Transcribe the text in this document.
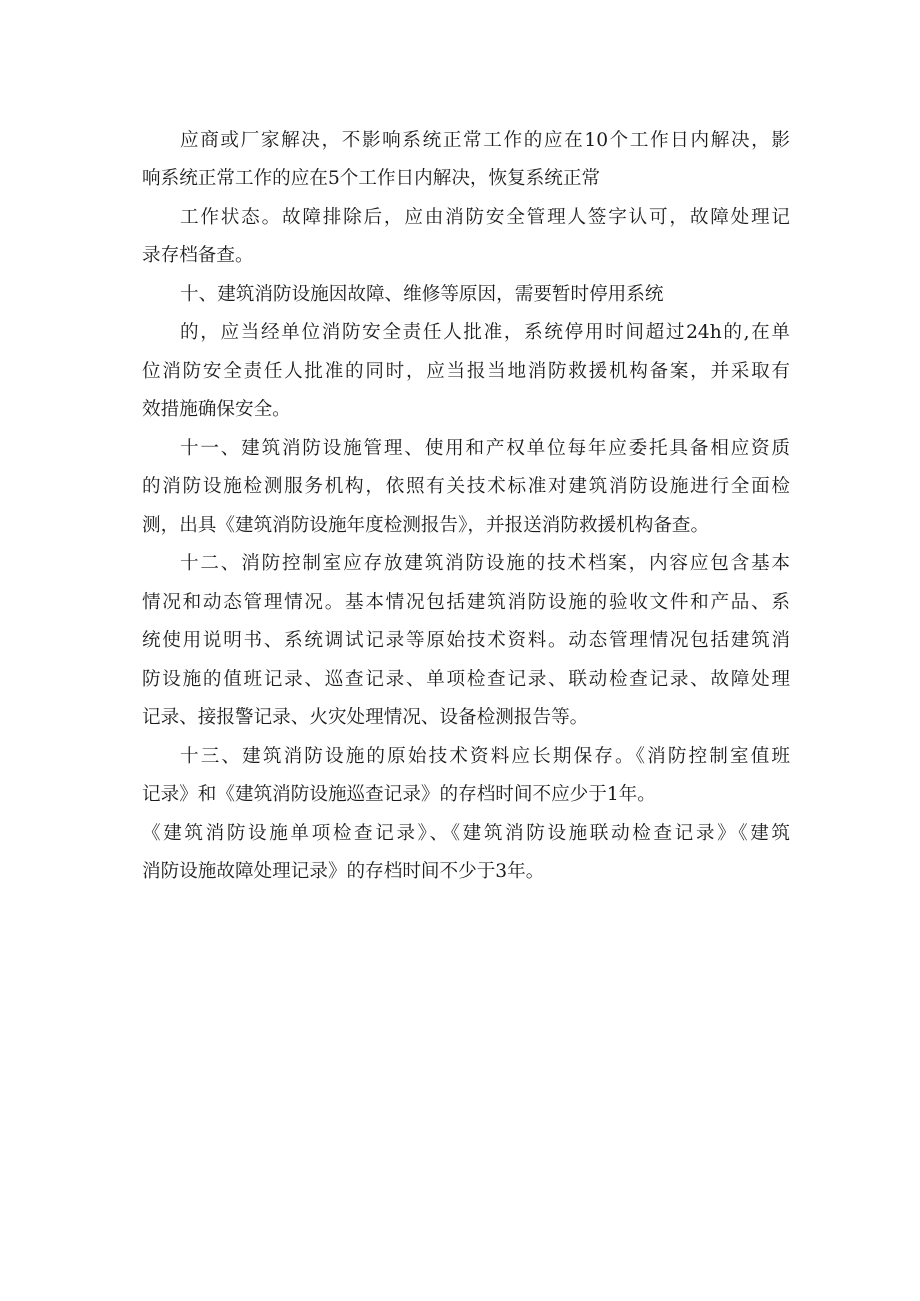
应商或厂家解决，不影响系统正常工作的应在10个工作日内解决，影
响系统正常工作的应在5个工作日内解决，恢复系统正常
工作状态。故障排除后，应由消防安全管理人签字认可，故障处理记
录存档备查。
十、建筑消防设施因故障、维修等原因，需要暂时停用系统
的，应当经单位消防安全责任人批准，系统停用时间超过24h的,在单
位消防安全责任人批准的同时，应当报当地消防救援机构备案，并采取有
效措施确保安全。
十一、建筑消防设施管理、使用和产权单位每年应委托具备相应资质
的消防设施检测服务机构，依照有关技术标准对建筑消防设施进行全面检
测，出具《建筑消防设施年度检测报告》，并报送消防救援机构备查。
十二、消防控制室应存放建筑消防设施的技术档案，内容应包含基本
情况和动态管理情况。基本情况包括建筑消防设施的验收文件和产品、系
统使用说明书、系统调试记录等原始技术资料。动态管理情况包括建筑消
防设施的值班记录、巡查记录、单项检查记录、联动检查记录、故障处理
记录、接报警记录、火灾处理情况、设备检测报告等。
十三、建筑消防设施的原始技术资料应长期保存。《消防控制室值班
记录》和《建筑消防设施巡查记录》的存档时间不应少于1年。
《建筑消防设施单项检查记录》、《建筑消防设施联动检查记录》《建筑
消防设施故障处理记录》的存档时间不少于3年。
